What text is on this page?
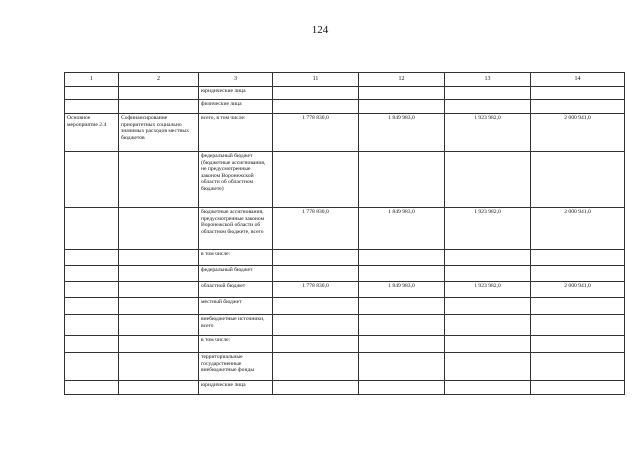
124
1	2	3	11	12	13	14
		юридические лица				
		физические лица				
Основное мероприятие 2.4	Софинансирование приоритетных социально значимых расходов местных бюджетов	всего, в том числе:	1 778 830,0	1 849 983,0	1 923 982,0	2 000 941,0
		федеральный бюджет (бюджетные ассигнования, не предусмотренные законом Воронежской области об областном бюджете)				
		бюджетные ассигнования, предусмотренные законом Воронежской области об областном бюджете, всего	1 778 830,0	1 849 983,0	1 923 982,0	2 000 941,0
		в том числе:				
		федеральный бюджет				
		областной бюджет	1 778 830,0	1 849 983,0	1 923 982,0	2 000 941,0
		местный бюджет				
		внебюджетные источники, всего				
		в том числе:				
		территориальные государственные внебюджетные фонды				
		юридические лица				
